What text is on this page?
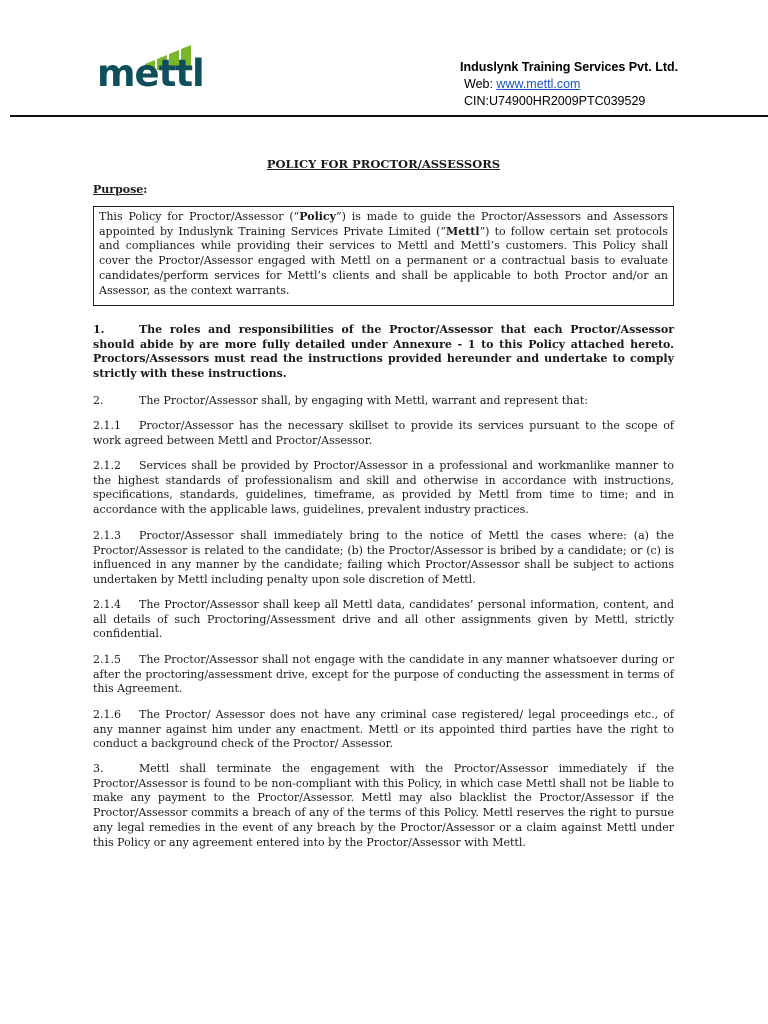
mettl	Induslynk Training Services Pvt. Ltd.
Web: www.mettl.com
CIN:U74900HR2009PTC039529
POLICY FOR PROCTOR/ASSESSORS
Purpose:
This Policy for Proctor/Assessor (“Policy”) is made to guide the Proctor/Assessors and Assessors appointed by Induslynk Training Services Private Limited (“Mettl”) to follow certain set protocols and compliances while providing their services to Mettl and Mettl’s customers. This Policy shall cover the Proctor/Assessor engaged with Mettl on a permanent or a contractual basis to evaluate candidates/perform services for Mettl’s clients and shall be applicable to both Proctor and/or an Assessor, as the context warrants.

1.	The roles and responsibilities of the Proctor/Assessor that each Proctor/Assessor should abide by are more fully detailed under Annexure - 1 to this Policy attached hereto. Proctors/Assessors must read the instructions provided hereunder and undertake to comply strictly with these instructions.

2.	The Proctor/Assessor shall, by engaging with Mettl, warrant and represent that:

2.1.1 Proctor/Assessor has the necessary skillset to provide its services pursuant to the scope of work agreed between Mettl and Proctor/Assessor.

2.1.2 Services shall be provided by Proctor/Assessor in a professional and workmanlike manner to the highest standards of professionalism and skill and otherwise in accordance with instructions, specifications, standards, guidelines, timeframe, as provided by Mettl from time to time; and in accordance with the applicable laws, guidelines, prevalent industry practices.

2.1.3 Proctor/Assessor shall immediately bring to the notice of Mettl the cases where: (a) the Proctor/Assessor is related to the candidate; (b) the Proctor/Assessor is bribed by a candidate; or (c) is influenced in any manner by the candidate; failing which Proctor/Assessor shall be subject to actions undertaken by Mettl including penalty upon sole discretion of Mettl.

2.1.4 The Proctor/Assessor shall keep all Mettl data, candidates’ personal information, content, and all details of such Proctoring/Assessment drive and all other assignments given by Mettl, strictly confidential.

2.1.5 The Proctor/Assessor shall not engage with the candidate in any manner whatsoever during or after the proctoring/assessment drive, except for the purpose of conducting the assessment in terms of this Agreement.

2.1.6 The Proctor/ Assessor does not have any criminal case registered/ legal proceedings etc., of any manner against him under any enactment. Mettl or its appointed third parties have the right to conduct a background check of the Proctor/ Assessor.

3.	Mettl shall terminate the engagement with the Proctor/Assessor immediately if the Proctor/Assessor is found to be non-compliant with this Policy, in which case Mettl shall not be liable to make any payment to the Proctor/Assessor. Mettl may also blacklist the Proctor/Assessor if the Proctor/Assessor commits a breach of any of the terms of this Policy. Mettl reserves the right to pursue any legal remedies in the event of any breach by the Proctor/Assessor or a claim against Mettl under this Policy or any agreement entered into by the Proctor/Assessor with Mettl.
